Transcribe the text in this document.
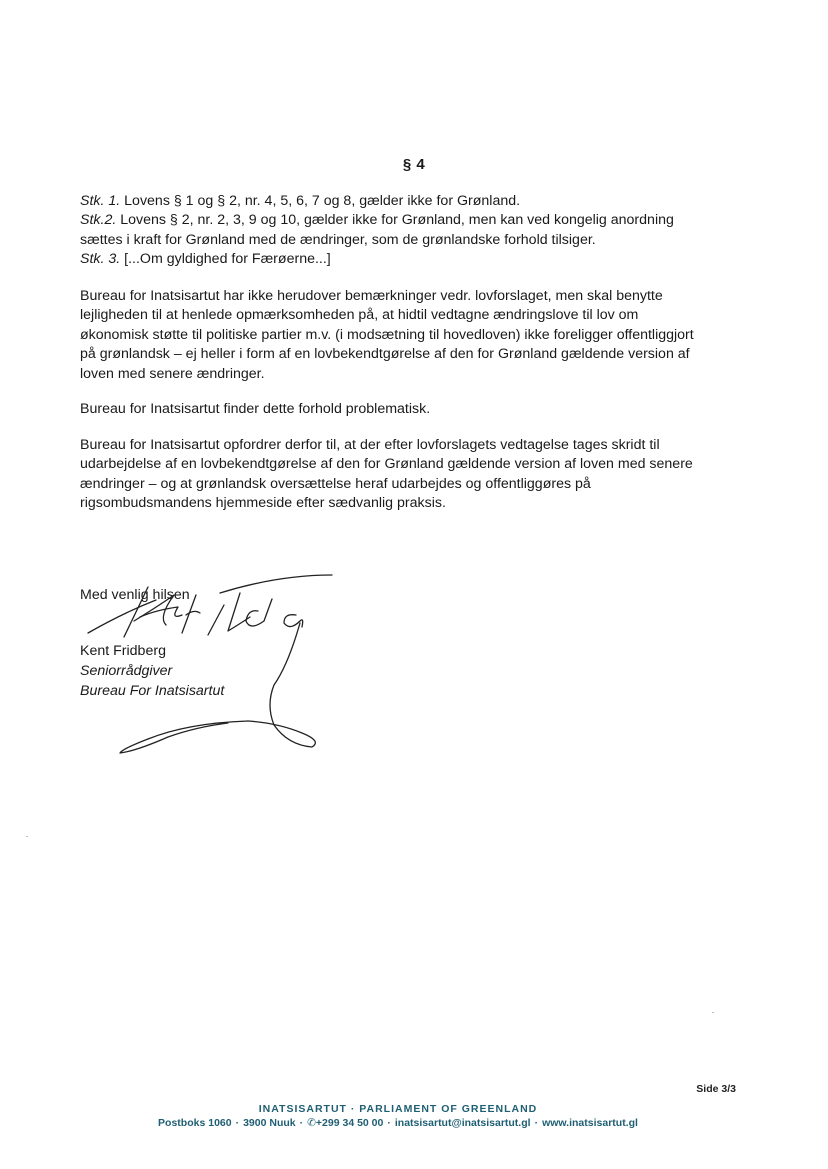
§ 4

Stk. 1. Lovens § 1 og § 2, nr. 4, 5, 6, 7 og 8, gælder ikke for Grønland.

Stk.2. Lovens § 2, nr. 2, 3, 9 og 10, gælder ikke for Grønland, men kan ved kongelig anordning

sættes i kraft for Grønland med de ændringer, som de grønlandske forhold tilsiger.

Stk. 3. [...Om gyldighed for Færøerne...]

Bureau for Inatsisartut har ikke herudover bemærkninger vedr. lovforslaget, men skal benytte

lejligheden til at henlede opmærksomheden på, at hidtil vedtagne ændringslove til lov om

økonomisk støtte til politiske partier m.v. (i modsætning til hovedloven) ikke foreligger offentliggjort

på grønlandsk – ej heller i form af en lovbekendtgørelse af den for Grønland gældende version af

loven med senere ændringer.

Bureau for Inatsisartut finder dette forhold problematisk.

Bureau for Inatsisartut opfordrer derfor til, at der efter lovforslagets vedtagelse tages skridt til

udarbejdelse af en lovbekendtgørelse af den for Grønland gældende version af loven med senere

ændringer – og at grønlandsk oversættelse heraf udarbejdes og offentliggøres på

rigsombudsmandens hjemmeside efter sædvanlig praksis.

Med venlig hilsen
Kent Fridberg
Seniorrådgiver
Bureau For Inatsisartut
Side 3/3
INATSISARTUT · PARLIAMENT OF GREENLAND
Postboks 1060 · 3900 Nuuk · ✆+299 34 50 00 · inatsisartut@inatsisartut.gl · www.inatsisartut.gl
